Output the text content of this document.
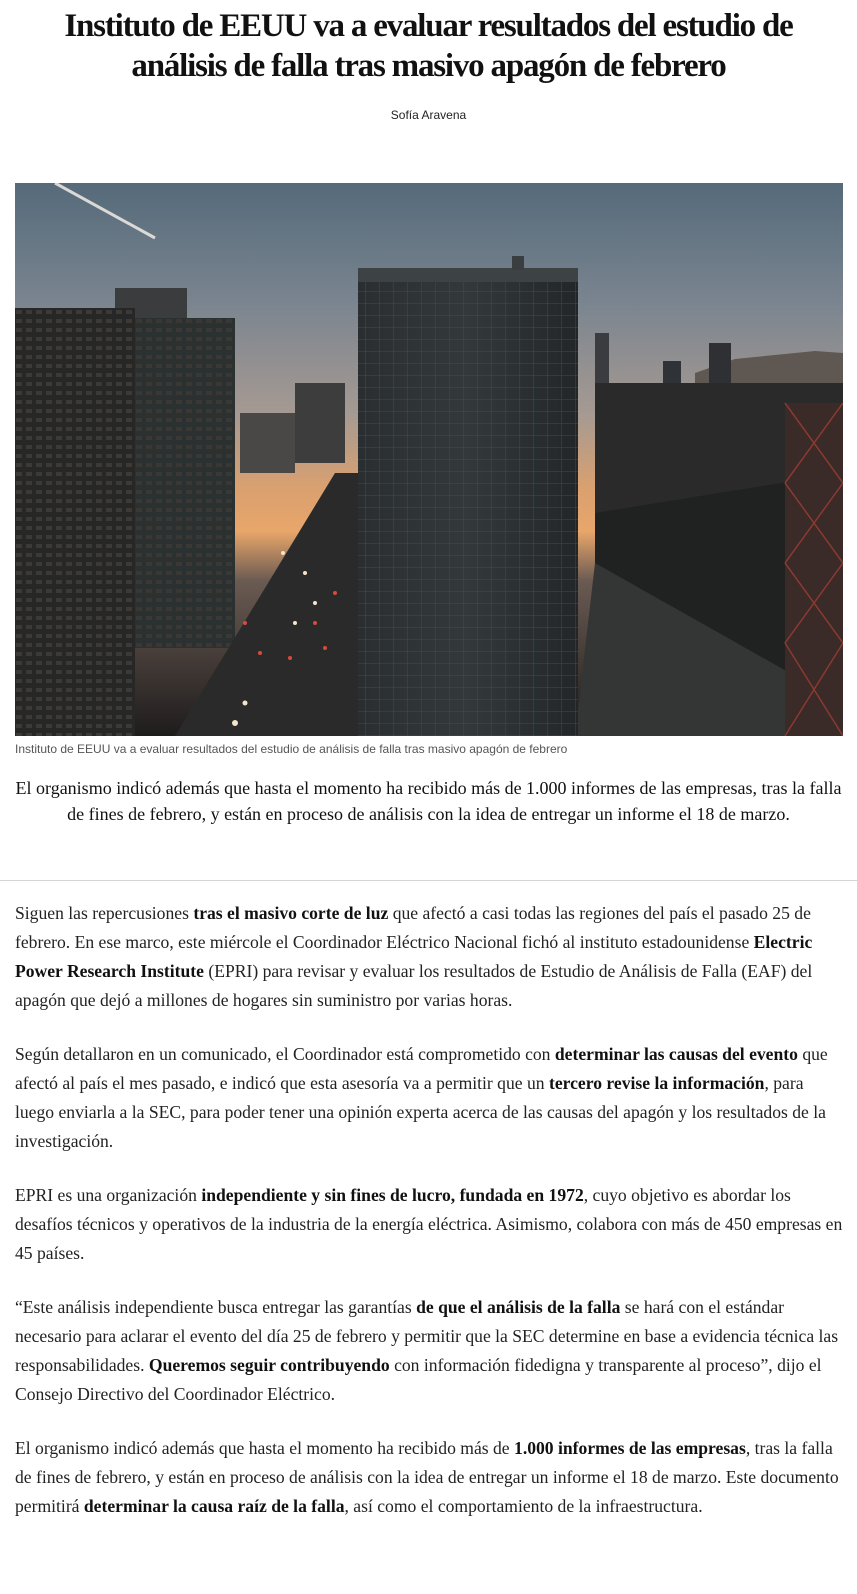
Instituto de EEUU va a evaluar resultados del estudio de análisis de falla tras masivo apagón de febrero
Sofía Aravena
Instituto de EEUU va a evaluar resultados del estudio de análisis de falla tras masivo apagón de febrero

El organismo indicó además que hasta el momento ha recibido más de 1.000 informes de las empresas, tras la falla de fines de febrero, y están en proceso de análisis con la idea de entregar un informe el 18 de marzo.

Siguen las repercusiones tras el masivo corte de luz que afectó a casi todas las regiones del país el pasado 25 de febrero. En ese marco, este miércole el Coordinador Eléctrico Nacional fichó al instituto estadounidense Electric Power Research Institute (EPRI) para revisar y evaluar los resultados de Estudio de Análisis de Falla (EAF) del apagón que dejó a millones de hogares sin suministro por varias horas.

Según detallaron en un comunicado, el Coordinador está comprometido con determinar las causas del evento que afectó al país el mes pasado, e indicó que esta asesoría va a permitir que un tercero revise la información, para luego enviarla a la SEC, para poder tener una opinión experta acerca de las causas del apagón y los resultados de la investigación.

EPRI es una organización independiente y sin fines de lucro, fundada en 1972, cuyo objetivo es abordar los desafíos técnicos y operativos de la industria de la energía eléctrica. Asimismo, colabora con más de 450 empresas en 45 países.

“Este análisis independiente busca entregar las garantías de que el análisis de la falla se hará con el estándar necesario para aclarar el evento del día 25 de febrero y permitir que la SEC determine en base a evidencia técnica las responsabilidades. Queremos seguir contribuyendo con información fidedigna y transparente al proceso”, dijo el Consejo Directivo del Coordinador Eléctrico.

El organismo indicó además que hasta el momento ha recibido más de 1.000 informes de las empresas, tras la falla de fines de febrero, y están en proceso de análisis con la idea de entregar un informe el 18 de marzo. Este documento permitirá determinar la causa raíz de la falla, así como el comportamiento de la infraestructura.
